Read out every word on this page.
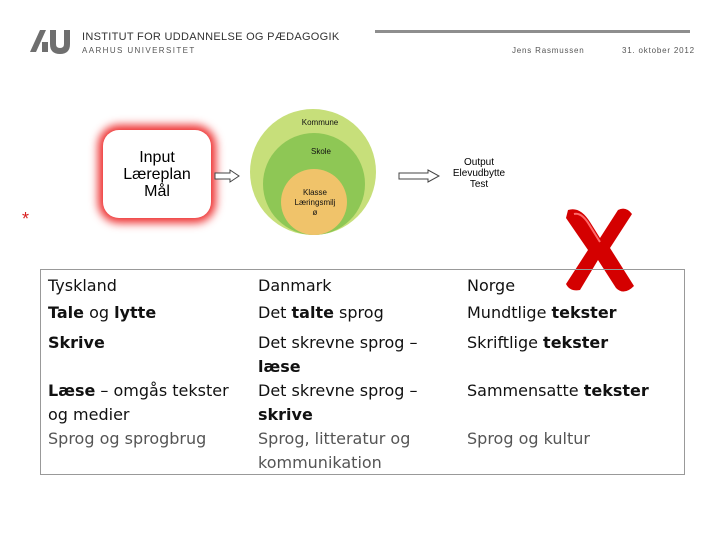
INSTITUT FOR UDDANNELSE OG PÆDAGOGIK
AARHUS UNIVERSITET	Jens Rasmussen	31. oktober 2012
Input
Læreplan
Mål
*
Kommune
Skole
Klasse
Læringsmilj
ø
Output
Elevudbytte
Test
Tyskland
Tale og lytte
Skrive
Læse – omgås tekster
og medier
Sprog og sprogbrug
Danmark
Det talte sprog
Det skrevne sprog –
læse
Det skrevne sprog –
skrive
Sprog, litteratur og
kommunikation
Norge
Mundtlige tekster
Skriftlige tekster
Sammensatte tekster
Sprog og kultur
